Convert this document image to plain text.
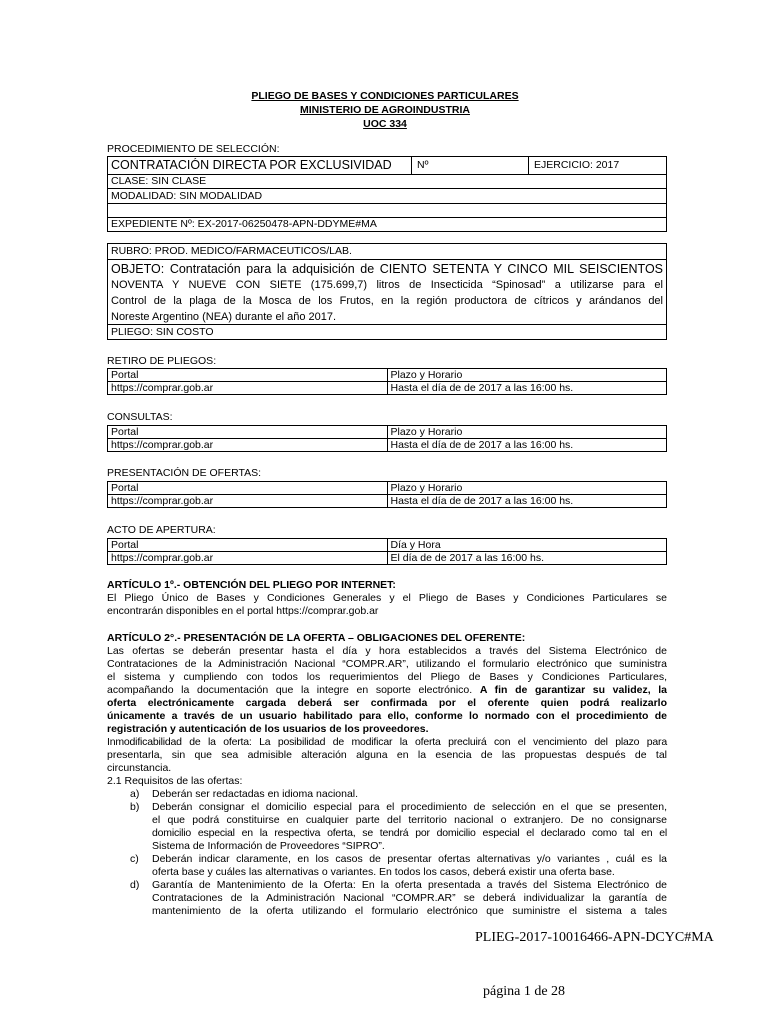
PLIEGO DE BASES Y CONDICIONES PARTICULARES
MINISTERIO DE AGROINDUSTRIA
UOC 334
PROCEDIMIENTO DE SELECCIÓN:
CONTRATACIÓN DIRECTA POR EXCLUSIVIDAD	Nº	EJERCICIO: 2017
CLASE: SIN CLASE
MODALIDAD: SIN MODALIDAD
EXPEDIENTE Nº: EX-2017-06250478-APN-DDYME#MA
RUBRO: PROD. MEDICO/FARMACEUTICOS/LAB.
OBJETO: Contratación para la adquisición de CIENTO SETENTA Y CINCO MIL SEISCIENTOS
NOVENTA Y NUEVE CON SIETE (175.699,7) litros de Insecticida “Spinosad” a utilizarse para el
Control de la plaga de la Mosca de los Frutos, en la región productora de cítricos y arándanos del
Noreste Argentino (NEA) durante el año 2017.
PLIEGO: SIN COSTO
RETIRO DE PLIEGOS:
Portal	Plazo y Horario
https://comprar.gob.ar	Hasta el día de de 2017 a las 16:00 hs.
CONSULTAS:
Portal	Plazo y Horario
https://comprar.gob.ar	Hasta el día de de 2017 a las 16:00 hs.
PRESENTACIÓN DE OFERTAS:
Portal	Plazo y Horario
https://comprar.gob.ar	Hasta el día de de 2017 a las 16:00 hs.
ACTO DE APERTURA:
Portal	Día y Hora
https://comprar.gob.ar	El día de de 2017 a las 16:00 hs.
ARTÍCULO 1º.- OBTENCIÓN DEL PLIEGO POR INTERNET:
El Pliego Único de Bases y Condiciones Generales y el Pliego de Bases y Condiciones Particulares se
encontrarán disponibles en el portal https://comprar.gob.ar
ARTÍCULO 2°.- PRESENTACIÓN DE LA OFERTA – OBLIGACIONES DEL OFERENTE:
Las ofertas se deberán presentar hasta el día y hora establecidos a través del Sistema Electrónico de
Contrataciones de la Administración Nacional “COMPR.AR”, utilizando el formulario electrónico que suministra
el sistema y cumpliendo con todos los requerimientos del Pliego de Bases y Condiciones Particulares,
acompañando la documentación que la integre en soporte electrónico. A fin de garantizar su validez, la
oferta electrónicamente cargada deberá ser confirmada por el oferente quien podrá realizarlo
únicamente a través de un usuario habilitado para ello, conforme lo normado con el procedimiento de
registración y autenticación de los usuarios de los proveedores.
Inmodificabilidad de la oferta: La posibilidad de modificar la oferta precluirá con el vencimiento del plazo para
presentarla, sin que sea admisible alteración alguna en la esencia de las propuestas después de tal
circunstancia.
2.1 Requisitos de las ofertas:
a) Deberán ser redactadas en idioma nacional.
b) Deberán consignar el domicilio especial para el procedimiento de selección en el que se presenten,
el que podrá constituirse en cualquier parte del territorio nacional o extranjero. De no consignarse
domicilio especial en la respectiva oferta, se tendrá por domicilio especial el declarado como tal en el
Sistema de Información de Proveedores “SIPRO”.
c) Deberán indicar claramente, en los casos de presentar ofertas alternativas y/o variantes , cuál es la
oferta base y cuáles las alternativas o variantes. En todos los casos, deberá existir una oferta base.
d) Garantía de Mantenimiento de la Oferta: En la oferta presentada a través del Sistema Electrónico de
Contrataciones de la Administración Nacional “COMPR.AR” se deberá individualizar la garantía de
mantenimiento de la oferta utilizando el formulario electrónico que suministre el sistema a tales
PLIEG-2017-10016466-APN-DCYC#MA
página 1 de 28
